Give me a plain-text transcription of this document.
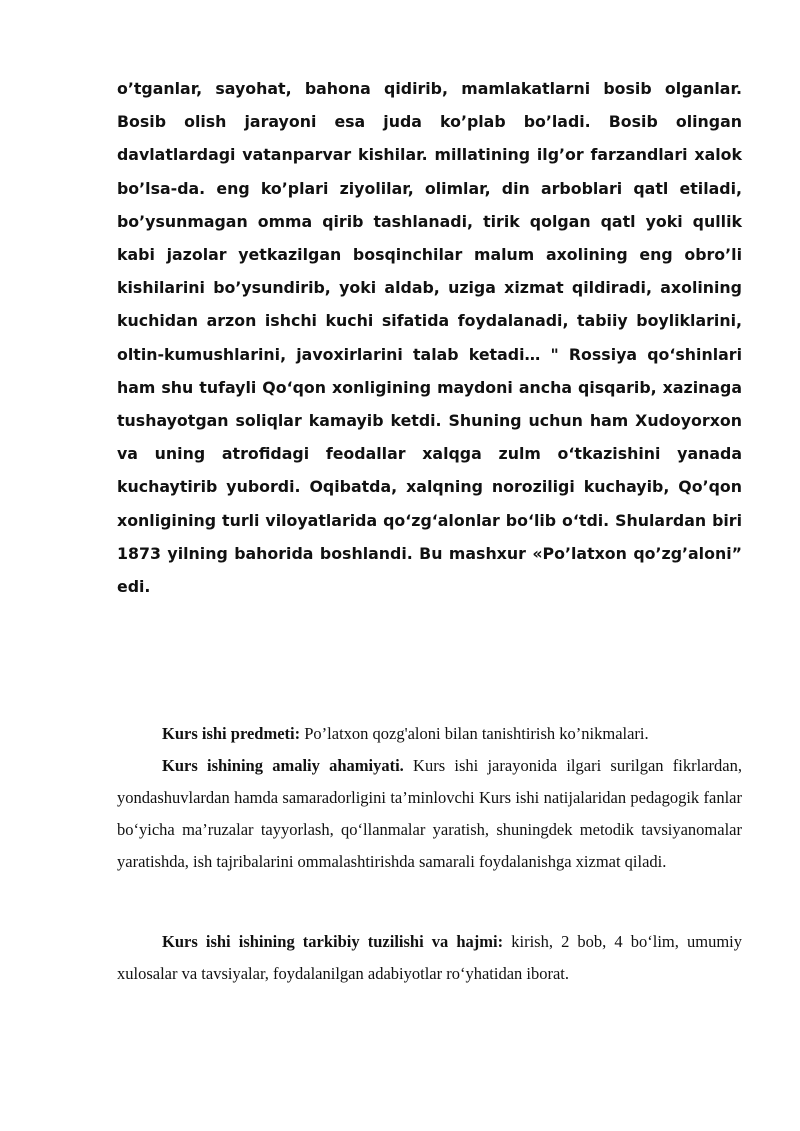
o’tganlar, sayohat, bahona qidirib, mamlakatlarni bosib olganlar. Bosib olish jarayoni esa juda ko’plab bo’ladi. Bosib olingan davlatlardagi vatanparvar kishilar. millatining ilg’or farzandlari xalok bo’lsa-da. eng ko’plari ziyolilar, olimlar, din arboblari qatl etiladi, bo’ysunmagan omma qirib tashlanadi, tirik qolgan qatl yoki qullik kabi jazolar yetkazilgan bosqinchilar malum axolining eng obro’li kishilarini bo’ysundirib, yoki aldab, uziga xizmat qildiradi, axolining kuchidan arzon ishchi kuchi sifatida foydalanadi, tabiiy boyliklarini, oltin-kumushlarini, javoxirlarini talab ketadi… " Rossiya qo‘shinlari ham shu tufayli Qo‘qon xonligining maydoni ancha qisqarib, xazinaga tushayotgan soliqlar kamayib ketdi. Shuning uchun ham Xudoyorxon va uning atrofidagi feodallar xalqga zulm o‘tkazishini yanada kuchaytirib yubordi. Oqibatda, xalqning noroziligi kuchayib, Qo’qon xonligining turli viloyatlarida qo‘zg‘alonlar bo‘lib o‘tdi. Shulardan biri 1873 yilning bahorida boshlandi. Bu mashxur «Po’latxon qo’zg’aloni” edi.

Kurs ishi predmeti: Po’latxon qozg'aloni bilan tanishtirish ko’nikmalari.

Kurs ishining amaliy ahamiyati. Kurs ishi jarayonida ilgari surilgan fikrlardan, yondashuvlardan hamda samaradorligini ta’minlovchi Kurs ishi natijalaridan pedagogik fanlar bo‘yicha ma’ruzalar tayyorlash, qo‘llanmalar yaratish, shuningdek metodik tavsiyanomalar yaratishda, ish tajribalarini ommalashtirishda samarali foydalanishga xizmat qiladi.

Kurs ishi ishining tarkibiy tuzilishi va hajmi: kirish, 2 bob, 4 bo‘lim, umumiy xulosalar va tavsiyalar, foydalanilgan adabiyotlar ro‘yhatidan iborat.
